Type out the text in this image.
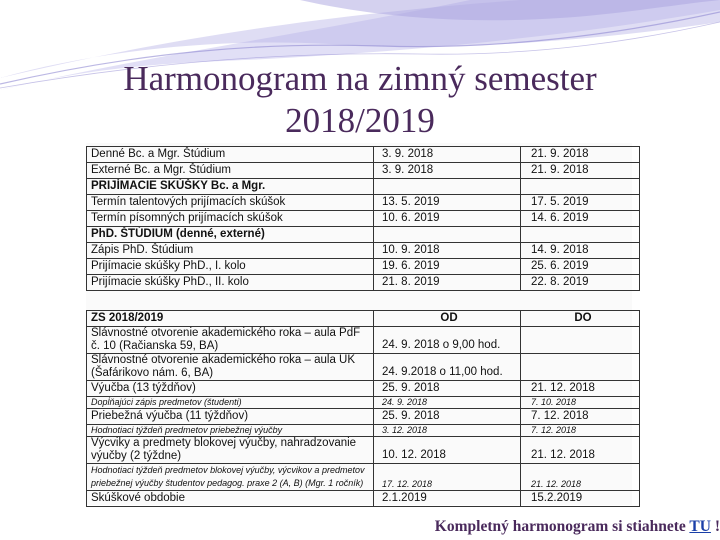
Harmonogram na zimný semester
2018/2019
Denné Bc. a Mgr. Štúdium	3. 9. 2018	21. 9. 2018
Externé Bc. a Mgr. Štúdium	3. 9. 2018	21. 9. 2018
PRIJÍMACIE SKÚŠKY Bc. a Mgr.		
Termín talentových prijímacích skúšok	13. 5. 2019	17. 5. 2019
Termín písomných prijímacích skúšok	10. 6. 2019	14. 6. 2019
PhD. ŠTÚDIUM (denné, externé)		
Zápis PhD. Štúdium	10. 9. 2018	14. 9. 2018
Prijímacie skúšky PhD., I. kolo	19. 6. 2019	25. 6. 2019
Prijímacie skúšky PhD., II. kolo	21. 8. 2019	22. 8. 2019
ZS 2018/2019	OD	DO
Slávnostné otvorenie akademického roka – aula PdF č. 10 (Račianska 59, BA)	24. 9. 2018 o 9,00 hod.	
Slávnostné otvorenie akademického roka – aula UK (Šafárikovo nám. 6, BA)	24. 9.2018 o 11,00 hod.	
Výučba (13 týždňov)	25. 9. 2018	21. 12. 2018
Dopĺňajúci zápis predmetov (študenti)	24. 9. 2018	7. 10. 2018
Priebežná výučba (11 týždňov)	25. 9. 2018	7. 12. 2018
Hodnotiaci týždeň predmetov priebežnej výučby	3. 12. 2018	7. 12. 2018
Výcviky a predmety blokovej výučby, nahradzovanie výučby (2 týždne)	10. 12. 2018	21. 12. 2018
Hodnotiaci týždeň predmetov blokovej výučby, výcvikov a predmetov priebežnej výučby študentov pedagog. praxe 2 (A, B) (Mgr. 1 ročník)	17. 12. 2018	21. 12. 2018
Skúškové obdobie	2.1.2019	15.2.2019
Kompletný harmonogram si stiahnete TU !
